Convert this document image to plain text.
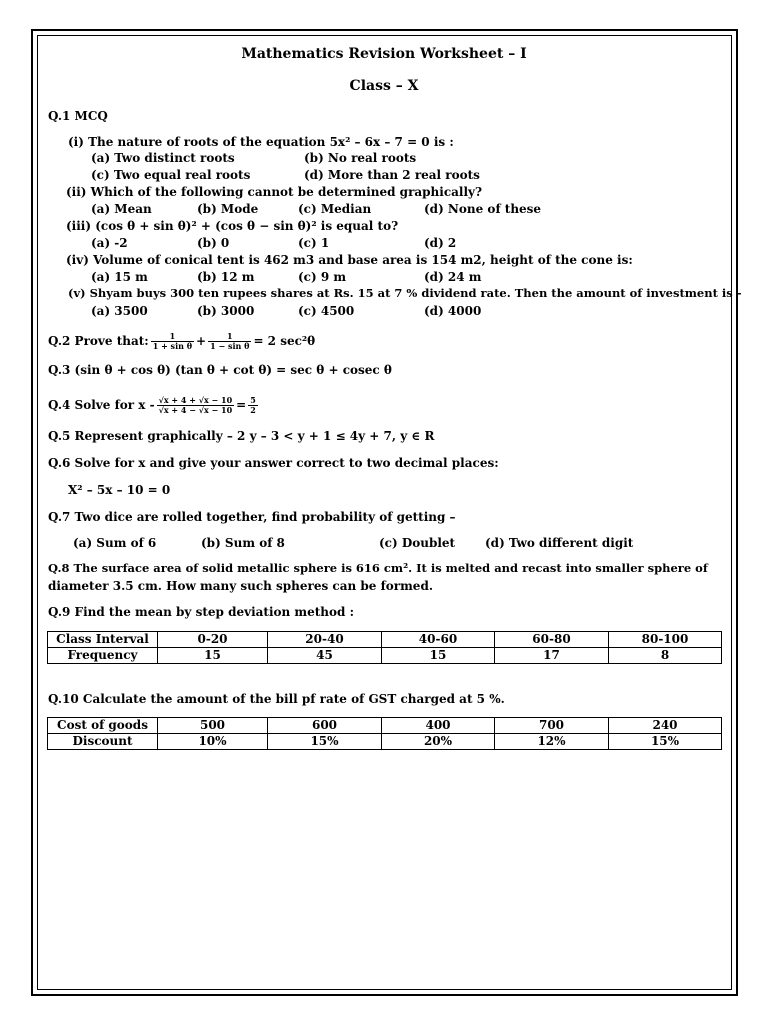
Mathematics Revision Worksheet – I
Class – X
Q.1 MCQ
(i) The nature of roots of the equation 5x² – 6x – 7 = 0 is :
(a) Two distinct roots	(b) No real roots
(c) Two equal real roots	(d) More than 2 real roots
(ii) Which of the following cannot be determined graphically?
(a) Mean	(b) Mode	(c) Median	(d) None of these
(iii) (cos θ + sin θ)² + (cos θ − sin θ)² is equal to?
(a) -2	(b) 0	(c) 1	(d) 2
(iv) Volume of conical tent is 462 m3 and base area is 154 m2, height of the cone is:
(a) 15 m	(b) 12 m	(c) 9 m	(d) 24 m
(v) Shyam buys 300 ten rupees shares at Rs. 15 at 7 % dividend rate. Then the amount of investment is -
(a) 3500	(b) 3000	(c) 4500	(d) 4000
Q.2 Prove that: $\frac{1}{\text{1 + sin θ}} + \frac{1}{\text{1 − sin θ}} = 2$ sec²θ
Q.3 (sin θ + cos θ) (tan θ + cot θ) = sec θ + cosec θ
Q.4 Solve for $x - \frac{√x + 4 + √x - 10}{√x + 4 - √x - 10} = \frac{5}{2}$
Q.5 Represent graphically – 2 y – 3 < y + 1 ≤ 4y + 7, y ∈ R
Q.6 Solve for x and give your answer correct to two decimal places:
X² – 5x – 10 = 0
Q.7 Two dice are rolled together, find probability of getting –
(a) Sum of 6	(b) Sum of 8	(c) Doublet (d) Two different digit
Q.8 The surface area of solid metallic sphere is 616 cm². It is melted and recast into smaller sphere of
diameter 3.5 cm. How many such spheres can be formed.
Q.9 Find the mean by step deviation method :
Class Interval	0-20	20-40	40-60	60-80	80-100
Frequency	15	45	15	17	8
Q.10 Calculate the amount of the bill pf rate of GST charged at 5 %.
Cost of goods	500	600	400	700	240
Discount	10%	15%	20%	12%	15%
